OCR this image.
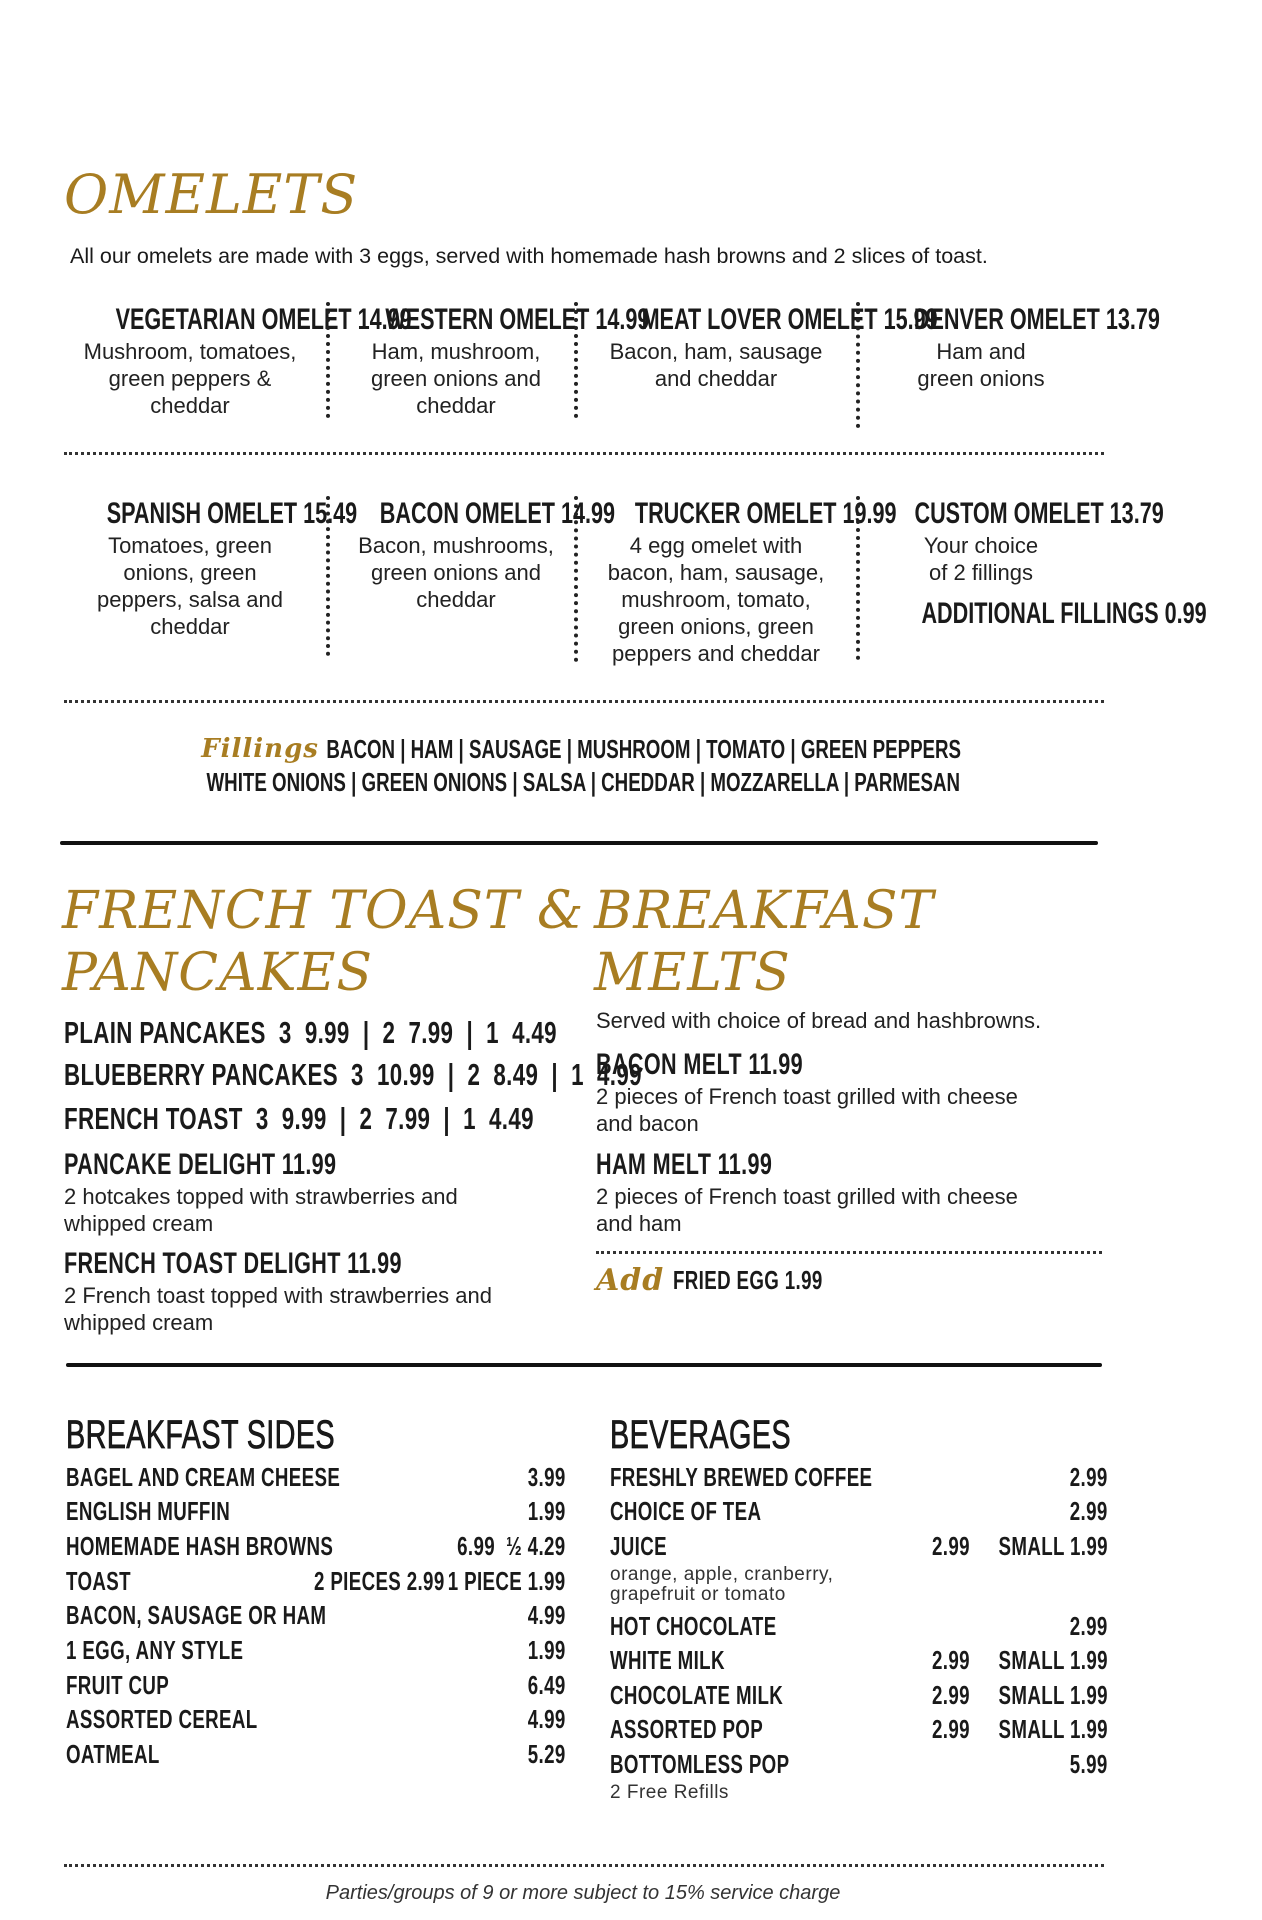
OMELETS
All our omelets are made with 3 eggs, served with homemade hash browns and 2 slices of toast.
VEGETARIAN OMELET 14.99
Mushroom, tomatoes,
green peppers &
cheddar
WESTERN OMELET 14.99
Ham, mushroom,
green onions and
cheddar
MEAT LOVER OMELET 15.99
Bacon, ham, sausage
and cheddar
DENVER OMELET 13.79
Ham and
green onions
SPANISH OMELET 15.49
Tomatoes, green
onions, green
peppers, salsa and
cheddar
BACON OMELET 14.99
Bacon, mushrooms,
green onions and
cheddar
TRUCKER OMELET 19.99
4 egg omelet with
bacon, ham, sausage,
mushroom, tomato,
green onions, green
peppers and cheddar
CUSTOM OMELET 13.79
Your choice
of 2 fillings
ADDITIONAL FILLINGS 0.99
Fillings BACON | HAM | SAUSAGE | MUSHROOM | TOMATO | GREEN PEPPERS
WHITE ONIONS | GREEN ONIONS | SALSA | CHEDDAR | MOZZARELLA | PARMESAN
FRENCH TOAST &
PANCAKES
PLAIN PANCAKES  3  9.99  |  2  7.99  |  1  4.49
BLUEBERRY PANCAKES  3  10.99  |  2  8.49  |  1  4.99
FRENCH TOAST  3  9.99  |  2  7.99  |  1  4.49
PANCAKE DELIGHT 11.99
2 hotcakes topped with strawberries and
whipped cream
FRENCH TOAST DELIGHT 11.99
2 French toast topped with strawberries and
whipped cream
BREAKFAST
MELTS
Served with choice of bread and hashbrowns.
BACON MELT 11.99
2 pieces of French toast grilled with cheese
and bacon
HAM MELT 11.99
2 pieces of French toast grilled with cheese
and ham
Add FRIED EGG 1.99
BREAKFAST SIDES
BAGEL AND CREAM CHEESE	3.99
ENGLISH MUFFIN	1.99
HOMEMADE HASH BROWNS	6.99  ½ 4.29
TOAST	2 PIECES 2.99 1 PIECE 1.99
BACON, SAUSAGE OR HAM	4.99
1 EGG, ANY STYLE	1.99
FRUIT CUP	6.49
ASSORTED CEREAL	4.99
OATMEAL	5.29
BEVERAGES
FRESHLY BREWED COFFEE	2.99
CHOICE OF TEA	2.99
JUICE	2.99 SMALL 1.99
orange, apple, cranberry,
grapefruit or tomato
HOT CHOCOLATE	2.99
WHITE MILK	2.99 SMALL 1.99
CHOCOLATE MILK	2.99 SMALL 1.99
ASSORTED POP	2.99 SMALL 1.99
BOTTOMLESS POP	5.99
2 Free Refills
Parties/groups of 9 or more subject to 15% service charge
